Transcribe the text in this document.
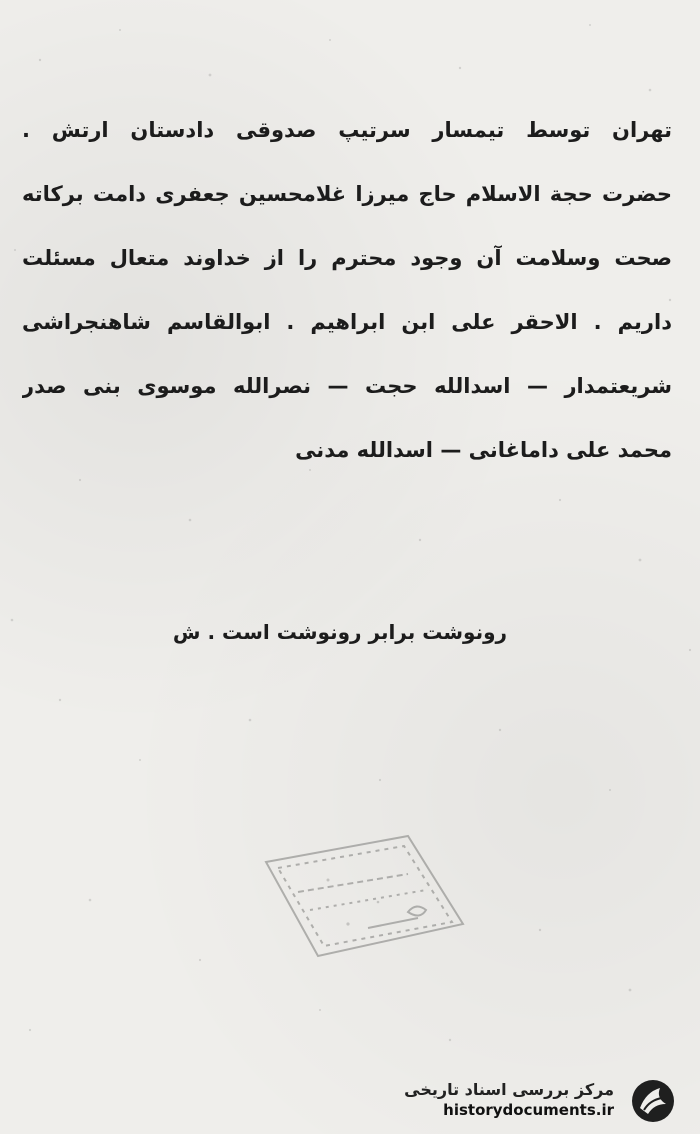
تهران توسط تیمسار سرتیپ صدوقی دادستان ارتش .
حضرت حجة الاسلام حاج میرزا غلامحسین جعفری دامت برکاته
صحت وسلامت آن وجود محترم را از خداوند متعال مسئلت
داریم . الاحقر علی ابن ابراهیم . ابوالقاسم شاهنجراشی
شریعتمدار — اسدالله حجت — نصرالله موسوی بنی صدر
محمد علی داماغانی — اسدالله مدنی
رونوشت برابر رونوشت است . ش
مرکز بررسی اسناد تاریخی
historydocuments.ir
